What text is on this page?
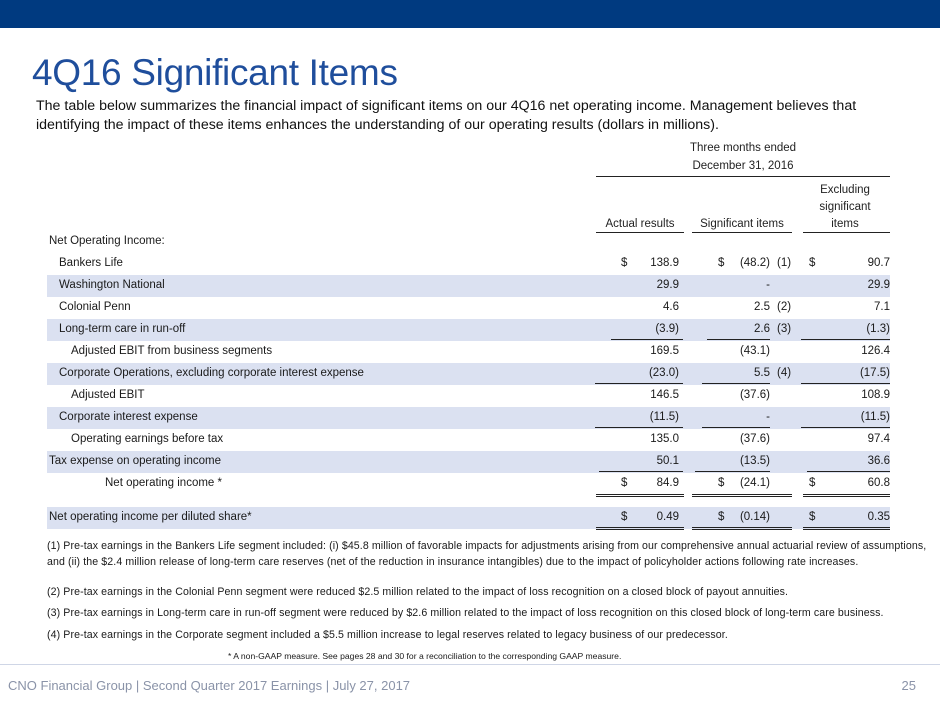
4Q16 Significant Items

The table below summarizes the financial impact of significant items on our 4Q16 net operating income. Management believes that identifying the impact of these items enhances the understanding of our operating results (dollars in millions).

Three months ended
December 31, 2016
Excluding
significant
items
Actual results	Significant items
Net Operating Income:
Bankers Life	$	138.9	$	(48.2) (1) $	90.7
Washington National	29.9	-	29.9
Colonial Penn	4.6	2.5 (2)	7.1
Long-term care in run-off	(3.9)	2.6 (3)	(1.3)
Adjusted EBIT from business segments	169.5	(43.1)	126.4
Corporate Operations, excluding corporate interest expense	(23.0)	5.5 (4)	(17.5)
Adjusted EBIT	146.5	(37.6)	108.9
Corporate interest expense	(11.5)	-	(11.5)
Operating earnings before tax	135.0	(37.6)	97.4
Tax expense on operating income	50.1	(13.5)	36.6
Net operating income *	$	84.9	$	(24.1)	$	60.8
Net operating income per diluted share*	$	0.49	$	(0.14)	$	0.35

(1) Pre-tax earnings in the Bankers Life segment included: (i) $45.8 million of favorable impacts for adjustments arising from our comprehensive annual actuarial review of assumptions, and (ii) the $2.4 million release of long-term care reserves (net of the reduction in insurance intangibles) due to the impact of policyholder actions following rate increases.

(2) Pre-tax earnings in the Colonial Penn segment were reduced $2.5 million related to the impact of loss recognition on a closed block of payout annuities.

(3) Pre-tax earnings in Long-term care in run-off segment were reduced by $2.6 million related to the impact of loss recognition on this closed block of long-term care business.

(4) Pre-tax earnings in the Corporate segment included a $5.5 million increase to legal reserves related to legacy business of our predecessor.

* A non-GAAP measure. See pages 28 and 30 for a reconciliation to the corresponding GAAP measure.

CNO Financial Group | Second Quarter 2017 Earnings | July 27, 2017	25
